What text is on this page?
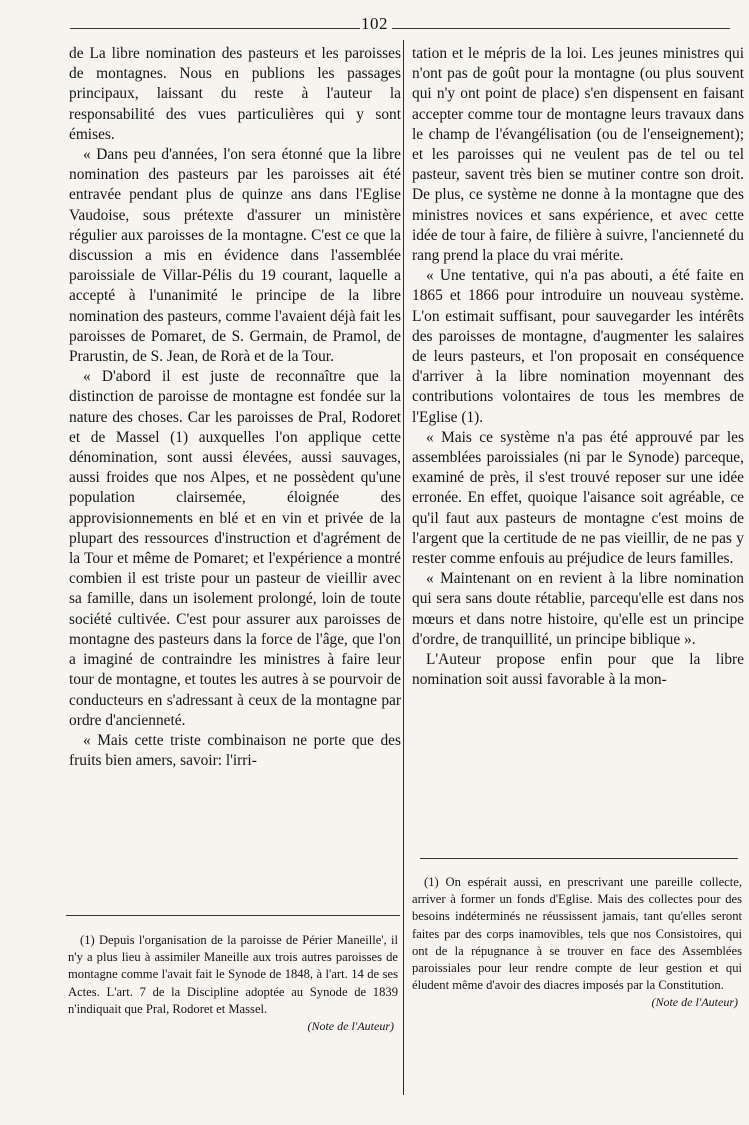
102

de La libre nomination des pasteurs et les paroisses de montagnes. Nous en publions les passages principaux, laissant du reste à l'auteur la responsabilité des vues particulières qui y sont émises.

« Dans peu d'années, l'on sera étonné que la libre nomination des pasteurs par les paroisses ait été entravée pendant plus de quinze ans dans l'Eglise Vaudoise, sous prétexte d'assurer un ministère régulier aux paroisses de la montagne. C'est ce que la discussion a mis en évidence dans l'assemblée paroissiale de Villar-Pélis du 19 courant, laquelle a accepté à l'unanimité le principe de la libre nomination des pasteurs, comme l'avaient déjà fait les paroisses de Pomaret, de S. Germain, de Pramol, de Prarustin, de S. Jean, de Rorà et de la Tour.

« D'abord il est juste de reconnaître que la distinction de paroisse de montagne est fondée sur la nature des choses. Car les paroisses de Pral, Rodoret et de Massel (1) auxquelles l'on applique cette dénomination, sont aussi élevées, aussi sauvages, aussi froides que nos Alpes, et ne possèdent qu'une population clairsemée, éloignée des approvisionnements en blé et en vin et privée de la plupart des ressources d'instruction et d'agrément de la Tour et même de Pomaret; et l'expérience a montré combien il est triste pour un pasteur de vieillir avec sa famille, dans un isolement prolongé, loin de toute société cultivée. C'est pour assurer aux paroisses de montagne des pasteurs dans la force de l'âge, que l'on a imaginé de contraindre les ministres à faire leur tour de montagne, et toutes les autres à se pourvoir de conducteurs en s'adressant à ceux de la montagne par ordre d'ancienneté.

« Mais cette triste combinaison ne porte que des fruits bien amers, savoir: l'irri-

tation et le mépris de la loi. Les jeunes ministres qui n'ont pas de goût pour la montagne (ou plus souvent qui n'y ont point de place) s'en dispensent en faisant accepter comme tour de montagne leurs travaux dans le champ de l'évangélisation (ou de l'enseignement); et les paroisses qui ne veulent pas de tel ou tel pasteur, savent très bien se mutiner contre son droit. De plus, ce système ne donne à la montagne que des ministres novices et sans expérience, et avec cette idée de tour à faire, de filière à suivre, l'ancienneté du rang prend la place du vrai mérite.

« Une tentative, qui n'a pas abouti, a été faite en 1865 et 1866 pour introduire un nouveau système. L'on estimait suffisant, pour sauvegarder les intérêts des paroisses de montagne, d'augmenter les salaires de leurs pasteurs, et l'on proposait en conséquence d'arriver à la libre nomination moyennant des contributions volontaires de tous les membres de l'Eglise (1).

« Mais ce système n'a pas été approuvé par les assemblées paroissiales (ni par le Synode) parceque, examiné de près, il s'est trouvé reposer sur une idée erronée. En effet, quoique l'aisance soit agréable, ce qu'il faut aux pasteurs de montagne c'est moins de l'argent que la certitude de ne pas vieillir, de ne pas y rester comme enfouis au préjudice de leurs familles.

« Maintenant on en revient à la libre nomination qui sera sans doute rétablie, parcequ'elle est dans nos mœurs et dans notre histoire, qu'elle est un principe d'ordre, de tranquillité, un principe biblique ».

L'Auteur propose enfin pour que la libre nomination soit aussi favorable à la mon-

(1) Depuis l'organisation de la paroisse de Périer Maneille', il n'y a plus lieu à assimiler Maneille aux trois autres paroisses de montagne comme l'avait fait le Synode de 1848, à l'art. 14 de ses Actes. L'art. 7 de la Discipline adoptée au Synode de 1839 n'indiquait que Pral, Rodoret et Massel.

(Note de l'Auteur)

(1) On espérait aussi, en prescrivant une pareille collecte, arriver à former un fonds d'Eglise. Mais des collectes pour des besoins indéterminés ne réussissent jamais, tant qu'elles seront faites par des corps inamovibles, tels que nos Consistoires, qui ont de la répugnance à se trouver en face des Assemblées paroissiales pour leur rendre compte de leur gestion et qui éludent même d'avoir des diacres imposés par la Constitution.

(Note de l'Auteur)
